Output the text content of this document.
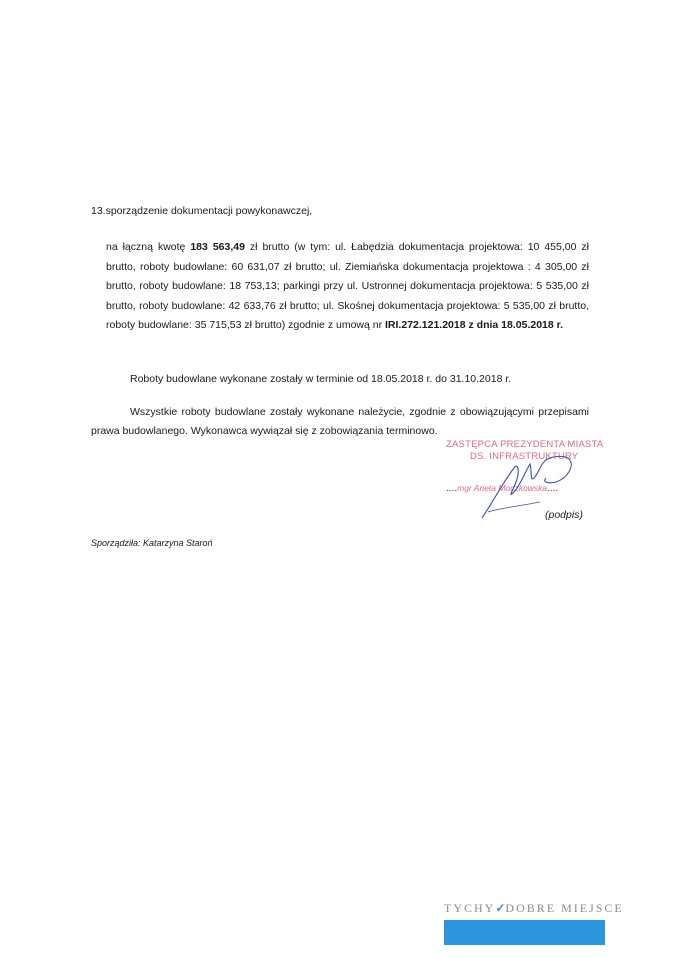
13.sporządzenie dokumentacji powykonawczej,
na łączną kwotę 183 563,49 zł brutto (w tym: ul. Łabędzia dokumentacja projektowa: 10 455,00 zł brutto, roboty budowlane: 60 631,07 zł brutto; ul. Ziemiańska dokumentacja projektowa : 4 305,00 zł brutto, roboty budowlane: 18 753,13; parkingi przy ul. Ustronnej dokumentacja projektowa: 5 535,00 zł brutto, roboty budowlane: 42 633,76 zł brutto; ul. Skośnej dokumentacja projektowa: 5 535,00 zł brutto, roboty budowlane: 35 715,53 zł brutto) zgodnie z umową nr IRI.272.121.2018 z dnia 18.05.2018 r.
Roboty budowlane wykonane zostały w terminie od 18.05.2018 r. do 31.10.2018 r.
Wszystkie roboty budowlane zostały wykonane należycie, zgodnie z obowiązującymi przepisami prawa budowlanego. Wykonawca wywiązał się z zobowiązania terminowo.
ZASTĘPCA PREZYDENTA MIASTA
DS. INFRASTRUKTURY
....mgr Aneta Moczkowska....
(podpis)
Sporządziła: Katarzyna Staroń
TYCHY✓DOBRE MIEJSCE
